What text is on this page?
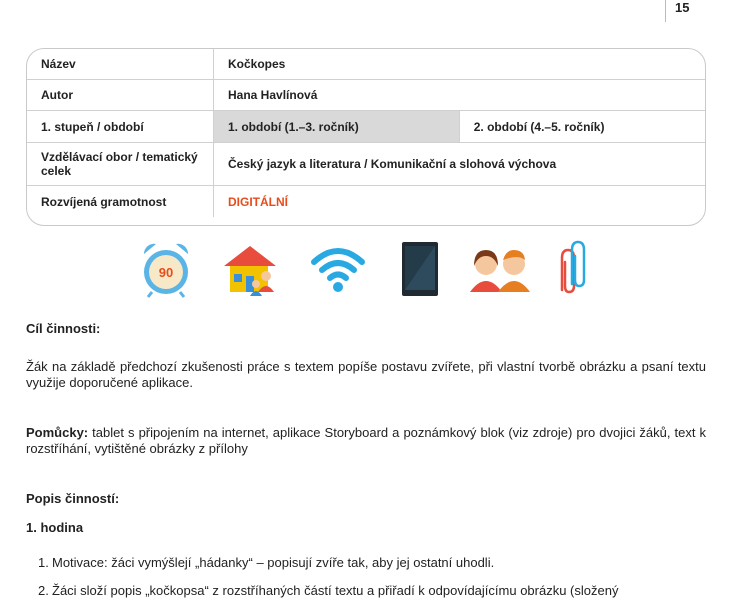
15
Název	Kočkopes	
Autor	Hana Havlínová	
1. stupeň / období	1. období (1.–3. ročník)	2. období (4.–5. ročník)
Vzdělávací obor / tematický celek	Český jazyk a literatura / Komunikační a slohová výchova	
Rozvíjená gramotnost	DIGITÁLNÍ	
90
Cíl činnosti:
Žák na základě předchozí zkušenosti práce s textem popíše postavu zvířete, při vlastní tvorbě obrázku a psaní textu využije doporučené aplikace.
Pomůcky: tablet s připojením na internet, aplikace Storyboard a poznámkový blok (viz zdroje) pro dvojici žáků, text k rozstříhání, vytištěné obrázky z přílohy
Popis činností:
1. hodina
1. Motivace: žáci vymýšlejí „hádanky“ – popisují zvíře tak, aby jej ostatní uhodli.
2. Žáci složí popis „kočkopsa“ z rozstříhaných částí textu a přiřadí k odpovídajícímu obrázku (složený
